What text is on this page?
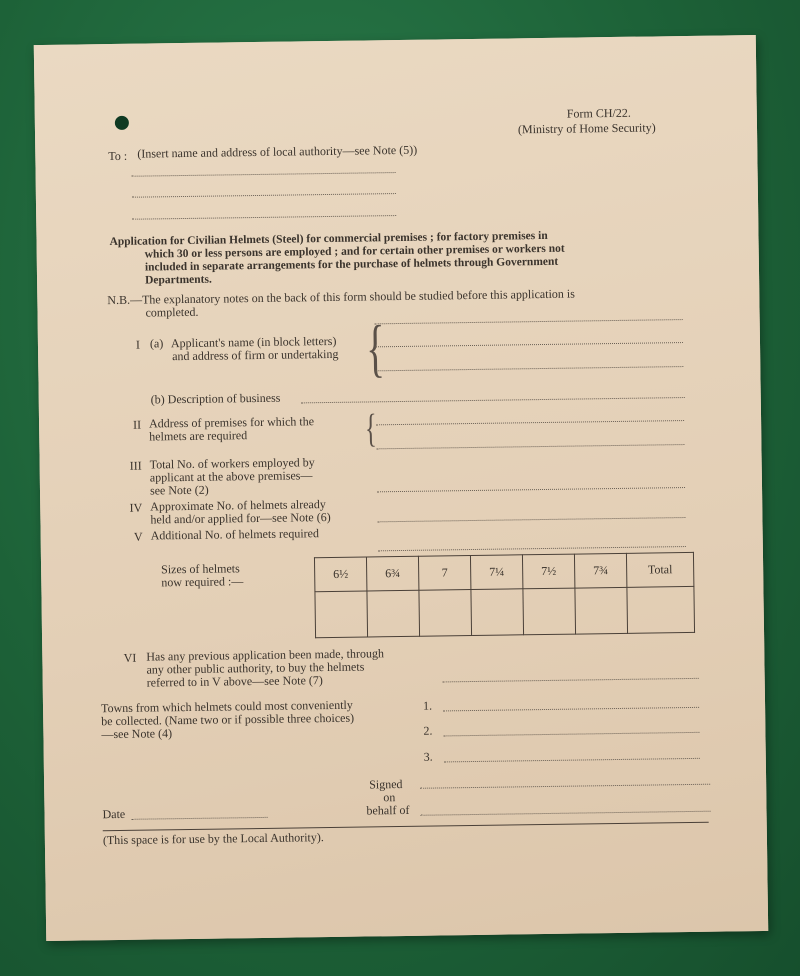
Form CH/22.
(Ministry of Home Security)
To : (Insert name and address of local authority—see Note (5))
Application for Civilian Helmets (Steel) for commercial premises ; for factory premises in
which 30 or less persons are employed ; and for certain other premises or workers not
included in separate arrangements for the purchase of helmets through Government
Departments.
N.B.—The explanatory notes on the back of this form should be studied before this application is
completed.
I (a) Applicant's name (in block letters)
and address of firm or undertaking {
(b) Description of business
II Address of premises for which the
helmets are required	{
III Total No. of workers employed by
applicant at the above premises—
see Note (2)
IV Approximate No. of helmets already
held and/or applied for—see Note (6)
V Additional No. of helmets required
Sizes of helmets
now required :—
6½	6¾	7	7¼	7½	7¾	Total

VI Has any previous application been made, through
any other public authority, to buy the helmets
referred to in V above—see Note (7)
Towns from which helmets could most conveniently
be collected. (Name two or if possible three choices)
—see Note (4)
1.
2.
3.
Signed
on
behalf of
Date
(This space is for use by the Local Authority).
